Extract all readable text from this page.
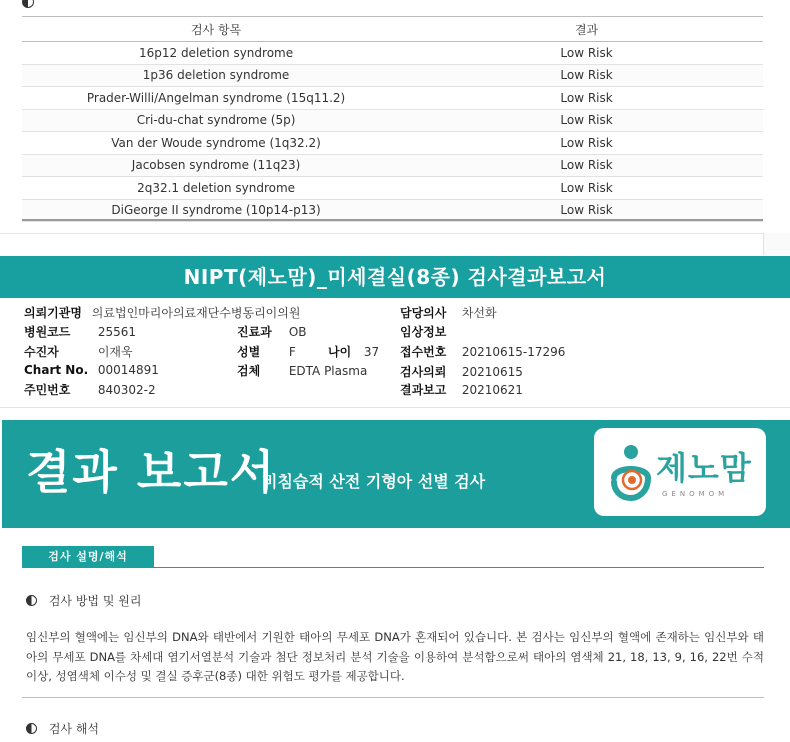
검사 항목	결과
16p12 deletion syndrome	Low Risk
1p36 deletion syndrome	Low Risk
Prader-Willi/Angelman syndrome (15q11.2)	Low Risk
Cri-du-chat syndrome (5p)	Low Risk
Van der Woude syndrome (1q32.2)	Low Risk
Jacobsen syndrome (11q23)	Low Risk
2q32.1 deletion syndrome	Low Risk
DiGeorge II syndrome (10p14-p13)	Low Risk
NIPT(제노맘)_미세결실(8종) 검사결과보고서
의뢰기관명 의료법인마리아의료재단수병동리이의원
병원코드 25561
수진자	이재욱
Chart No. 00014891
주민번호 840302-2
진료과 OB
성별 F	나이 37
검체 EDTA Plasma
담당의사 차선화
임상정보
접수번호 20210615-17296
검사의뢰 20210615
결과보고 20210621
결과 보고서
비침습적 산전 기형아 선별 검사	제노맘
GENOMOM
검사 설명/해석
검사 방법 및 원리
임신부의 혈액에는 임신부의 DNA와 태반에서 기원한 태아의 무세포 DNA가 혼재되어 있습니다. 본 검사는 임신부의 혈액에 존재하는 임신부와 태아의 무세포 DNA를 차세대 염기서열분석 기술과 첨단 정보처리 분석 기술을 이용하여 분석함으로써 태아의 염색체 21, 18, 13, 9, 16, 22번 수적 이상, 성염색체 이수성 및 결실 증후군(8종) 대한 위험도 평가를 제공합니다.
검사 해석
